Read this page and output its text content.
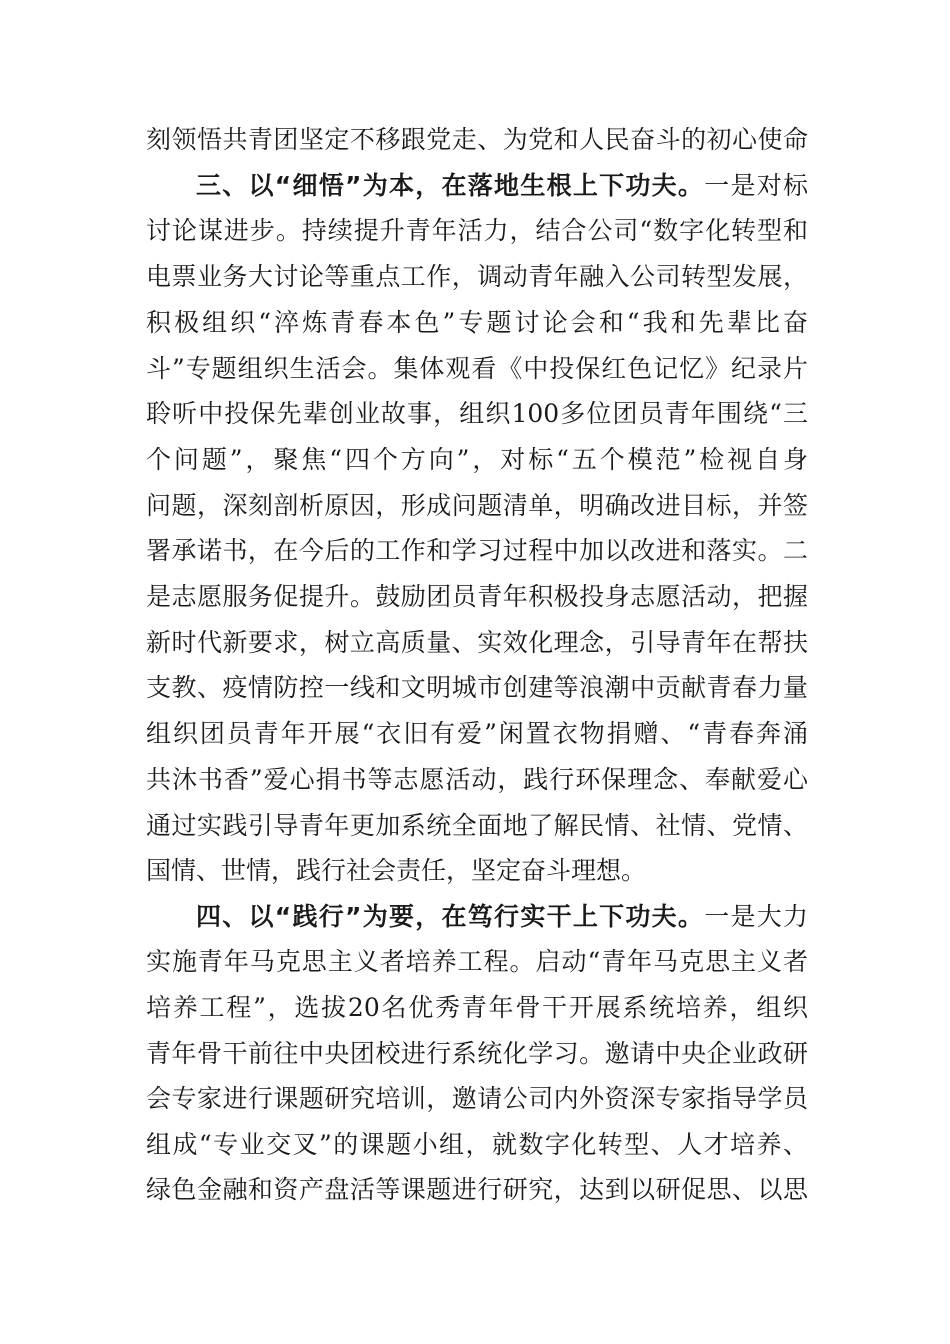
刻领悟共青团坚定不移跟党走、为党和人民奋斗的初心使命
三、以“细悟”为本，在落地生根上下功夫。一是对标
讨论谋进步。持续提升青年活力，结合公司“数字化转型和
电票业务大讨论等重点工作，调动青年融入公司转型发展，
积极组织“淬炼青春本色”专题讨论会和“我和先辈比奋
斗”专题组织生活会。集体观看《中投保红色记忆》纪录片
聆听中投保先辈创业故事，组织100多位团员青年围绕“三
个问题”，聚焦“四个方向”，对标“五个模范”检视自身
问题，深刻剖析原因，形成问题清单，明确改进目标，并签
署承诺书，在今后的工作和学习过程中加以改进和落实。二
是志愿服务促提升。鼓励团员青年积极投身志愿活动，把握
新时代新要求，树立高质量、实效化理念，引导青年在帮扶
支教、疫情防控一线和文明城市创建等浪潮中贡献青春力量
组织团员青年开展“衣旧有爱”闲置衣物捐赠、“青春奔涌
共沐书香”爱心捐书等志愿活动，践行环保理念、奉献爱心
通过实践引导青年更加系统全面地了解民情、社情、党情、
国情、世情，践行社会责任，坚定奋斗理想。
四、以“践行”为要，在笃行实干上下功夫。一是大力
实施青年马克思主义者培养工程。启动“青年马克思主义者
培养工程”，选拔20名优秀青年骨干开展系统培养，组织
青年骨干前往中央团校进行系统化学习。邀请中央企业政研
会专家进行课题研究培训，邀请公司内外资深专家指导学员
组成“专业交叉”的课题小组，就数字化转型、人才培养、
绿色金融和资产盘活等课题进行研究，达到以研促思、以思
